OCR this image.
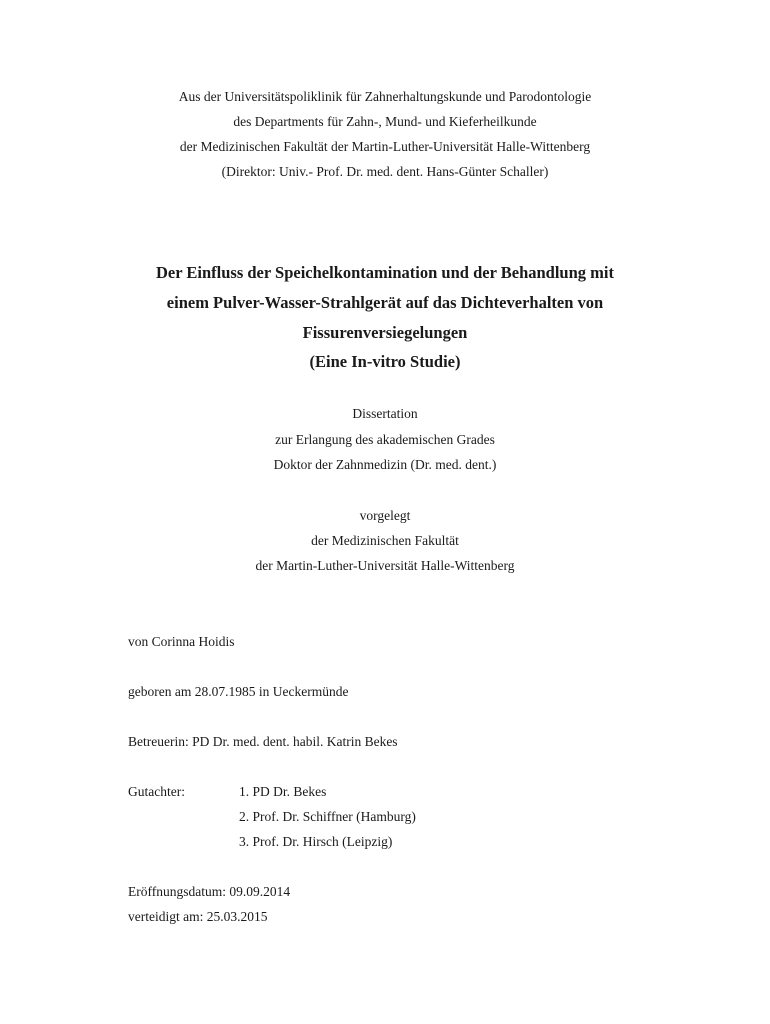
Aus der Universitätspoliklinik für Zahnerhaltungskunde und Parodontologie
des Departments für Zahn-, Mund- und Kieferheilkunde
der Medizinischen Fakultät der Martin-Luther-Universität Halle-Wittenberg
(Direktor: Univ.- Prof. Dr. med. dent. Hans-Günter Schaller)
Der Einfluss der Speichelkontamination und der Behandlung mit
einem Pulver-Wasser-Strahlgerät auf das Dichteverhalten von
Fissurenversiegelungen
(Eine In-vitro Studie)
Dissertation
zur Erlangung des akademischen Grades
Doktor der Zahnmedizin (Dr. med. dent.)
vorgelegt
der Medizinischen Fakultät
der Martin-Luther-Universität Halle-Wittenberg
von Corinna Hoidis
geboren am 28.07.1985 in Ueckermünde
Betreuerin: PD Dr. med. dent. habil. Katrin Bekes
Gutachter:	1. PD Dr. Bekes
2. Prof. Dr. Schiffner (Hamburg)
3. Prof. Dr. Hirsch (Leipzig)
Eröffnungsdatum: 09.09.2014
verteidigt am: 25.03.2015
